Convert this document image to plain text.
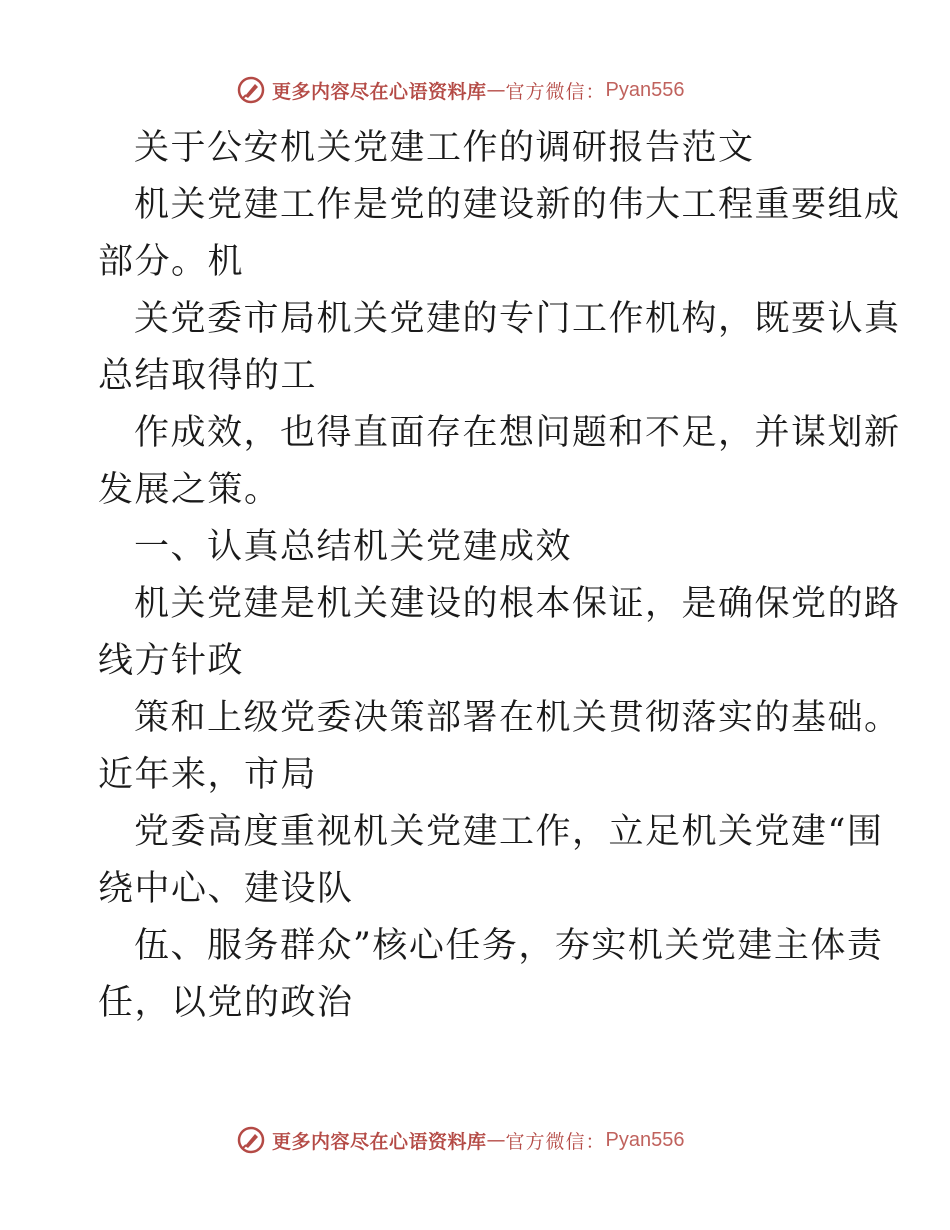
更多内容尽在心语资料库 — 官方微信： Pyan556
关于公安机关党建工作的调研报告范文
机关党建工作是党的建设新的伟大工程重要组成
部分。机
关党委市局机关党建的专门工作机构，既要认真
总结取得的工
作成效，也得直面存在想问题和不足，并谋划新
发展之策。
一、认真总结机关党建成效
机关党建是机关建设的根本保证，是确保党的路
线方针政
策和上级党委决策部署在机关贯彻落实的基础。
近年来，市局
党委高度重视机关党建工作，立足机关党建“围
绕中心、建设队
伍、服务群众”核心任务，夯实机关党建主体责
任，以党的政治
更多内容尽在心语资料库 — 官方微信： Pyan556
